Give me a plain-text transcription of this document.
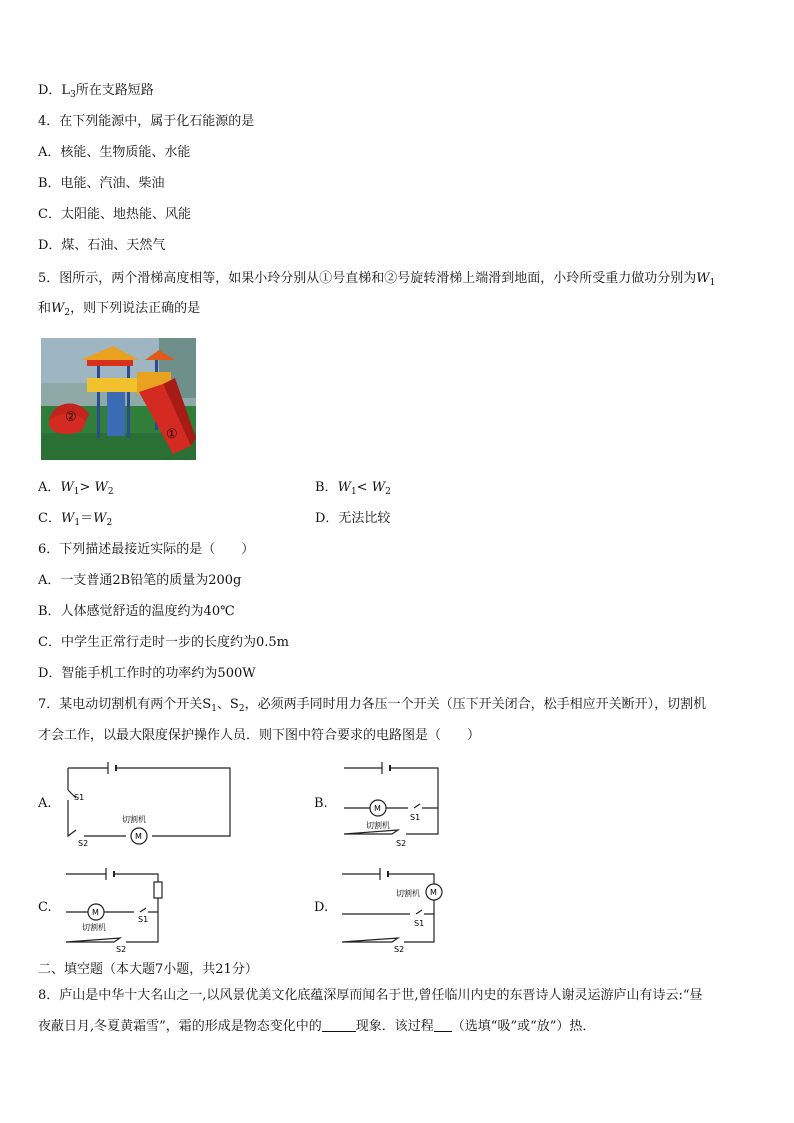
D．$L_3$所在支路短路
4．在下列能源中，属于化石能源的是
A．核能、生物质能、水能
B．电能、汽油、柴油
C．太阳能、地热能、风能
D．煤、石油、天然气
5．图所示，两个滑梯高度相等，如果小玲分别从①号直梯和②号旋转滑梯上端滑到地面，小玲所受重力做功分别为$W_1$
和$W_2$，则下列说法正确的是
②
①
A．$W_1> W_2$	B．$W_1< W_2$
C．$W_1=W_2$	D．无法比较
6．下列描述最接近实际的是（　　）
A．一支普通2B铅笔的质量为200g
B．人体感觉舒适的温度约为40℃
C．中学生正常行走时一步的长度约为0.5m
D．智能手机工作时的功率约为500W
7．某电动切割机有两个开关$S_1$、$S_2$，必须两手同时用力各压一个开关（压下开关闭合，松手相应开关断开），切割机
才会工作，以最大限度保护操作人员．则下图中符合要求的电路图是（　　）
A.
M
切割机
S1
S2
B.	M
切割机
S1
S2
C.	M
切割机
S1
S2
D.
M
切割机
S1
S2
二、填空题（本大题7小题，共21分）
8．庐山是中华十大名山之一,以风景优美文化底蕴深厚而闻名于世,曾任临川内史的东晋诗人谢灵运游庐山有诗云:“昼
夜蔽日月,冬夏黄霜雪”，霜的形成是物态变化中的	现象．该过程 （选填“吸”或“放”）热．
